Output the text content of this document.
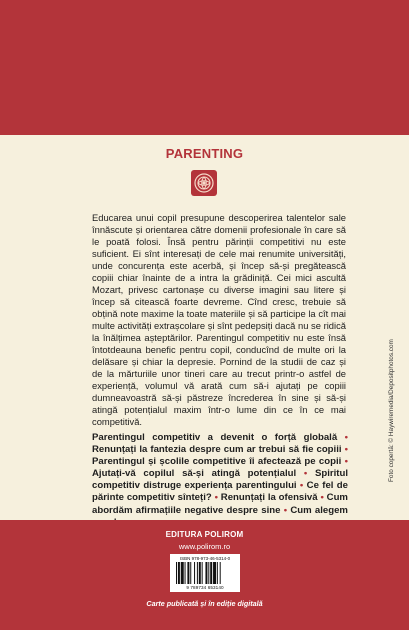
PARENTING

Educarea unui copil presupune descoperirea talentelor sale înnăscute și orientarea către domenii profesionale în care să le poată folosi. Însă pentru părinții competitivi nu este suficient. Ei sînt interesați de cele mai renumite universități, unde concurența este acerbă, și încep să-și pregătească copiii chiar înainte de a intra la grădiniță. Cei mici ascultă Mozart, privesc cartonașe cu diverse imagini sau litere și încep să citească foarte devreme. Cînd cresc, trebuie să obțină note maxime la toate materiile și să participe la cît mai multe activități extrașcolare și sînt pedepsiți dacă nu se ridică la înălțimea așteptărilor. Parentingul competitiv nu este însă întotdeauna benefic pentru copil, conducînd de multe ori la delăsare și chiar la depresie. Pornind de la studii de caz și de la mărturiile unor tineri care au trecut printr-o astfel de experiență, volumul vă arată cum să-i ajutați pe copiii dumneavoastră să-și păstreze încrederea în sine și să-și atingă potențialul maxim într-o lume din ce în ce mai competitivă.

Parentingul competitiv a devenit o forță globală • Renunțați la fantezia despre cum ar trebui să fie copiii • Parentingul și școlile competitive îi afectează pe copii • Ajutați-vă copilul să-și atingă potențialul • Spiritul competitiv distruge experiența parentingului • Ce fel de părinte competitiv sînteți? • Renunțați la ofensivă • Cum abordăm afirmațiile negative despre sine • Cum alegem

Foto copertă: © Haywiremedia/Depositphotos.com
EDITURA POLIROM
www.polirom.ro
ISBN 978-973-46-5314-0
9 789734 653140
Carte publicată și în ediție digitală
